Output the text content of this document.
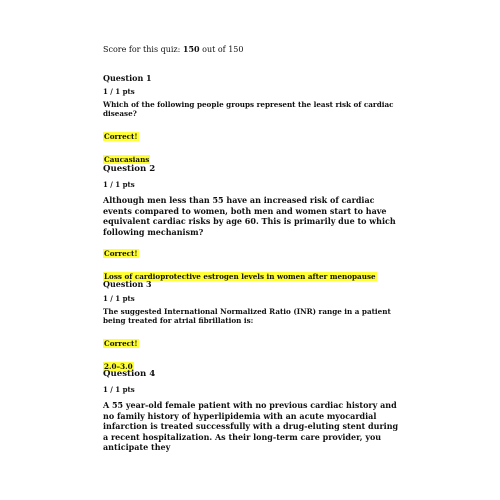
Score for this quiz: 150 out of 150
Question 1
1 / 1 pts
Which of the following people groups represent the least risk of cardiac disease?
Correct!
Caucasians
Question 2
1 / 1 pts
Although men less than 55 have an increased risk of cardiac events compared to women, both men and women start to have equivalent cardiac risks by age 60. This is primarily due to which following mechanism?
Correct!
Loss of cardioprotective estrogen levels in women after menopause
Question 3
1 / 1 pts
The suggested International Normalized Ratio (INR) range in a patient being treated for atrial fibrillation is:
Correct!
2.0–3.0
Question 4
1 / 1 pts
A 55 year-old female patient with no previous cardiac history and no family history of hyperlipidemia with an acute myocardial infarction is treated successfully with a drug-eluting stent during a recent hospitalization. As their long-term care provider, you anticipate they
